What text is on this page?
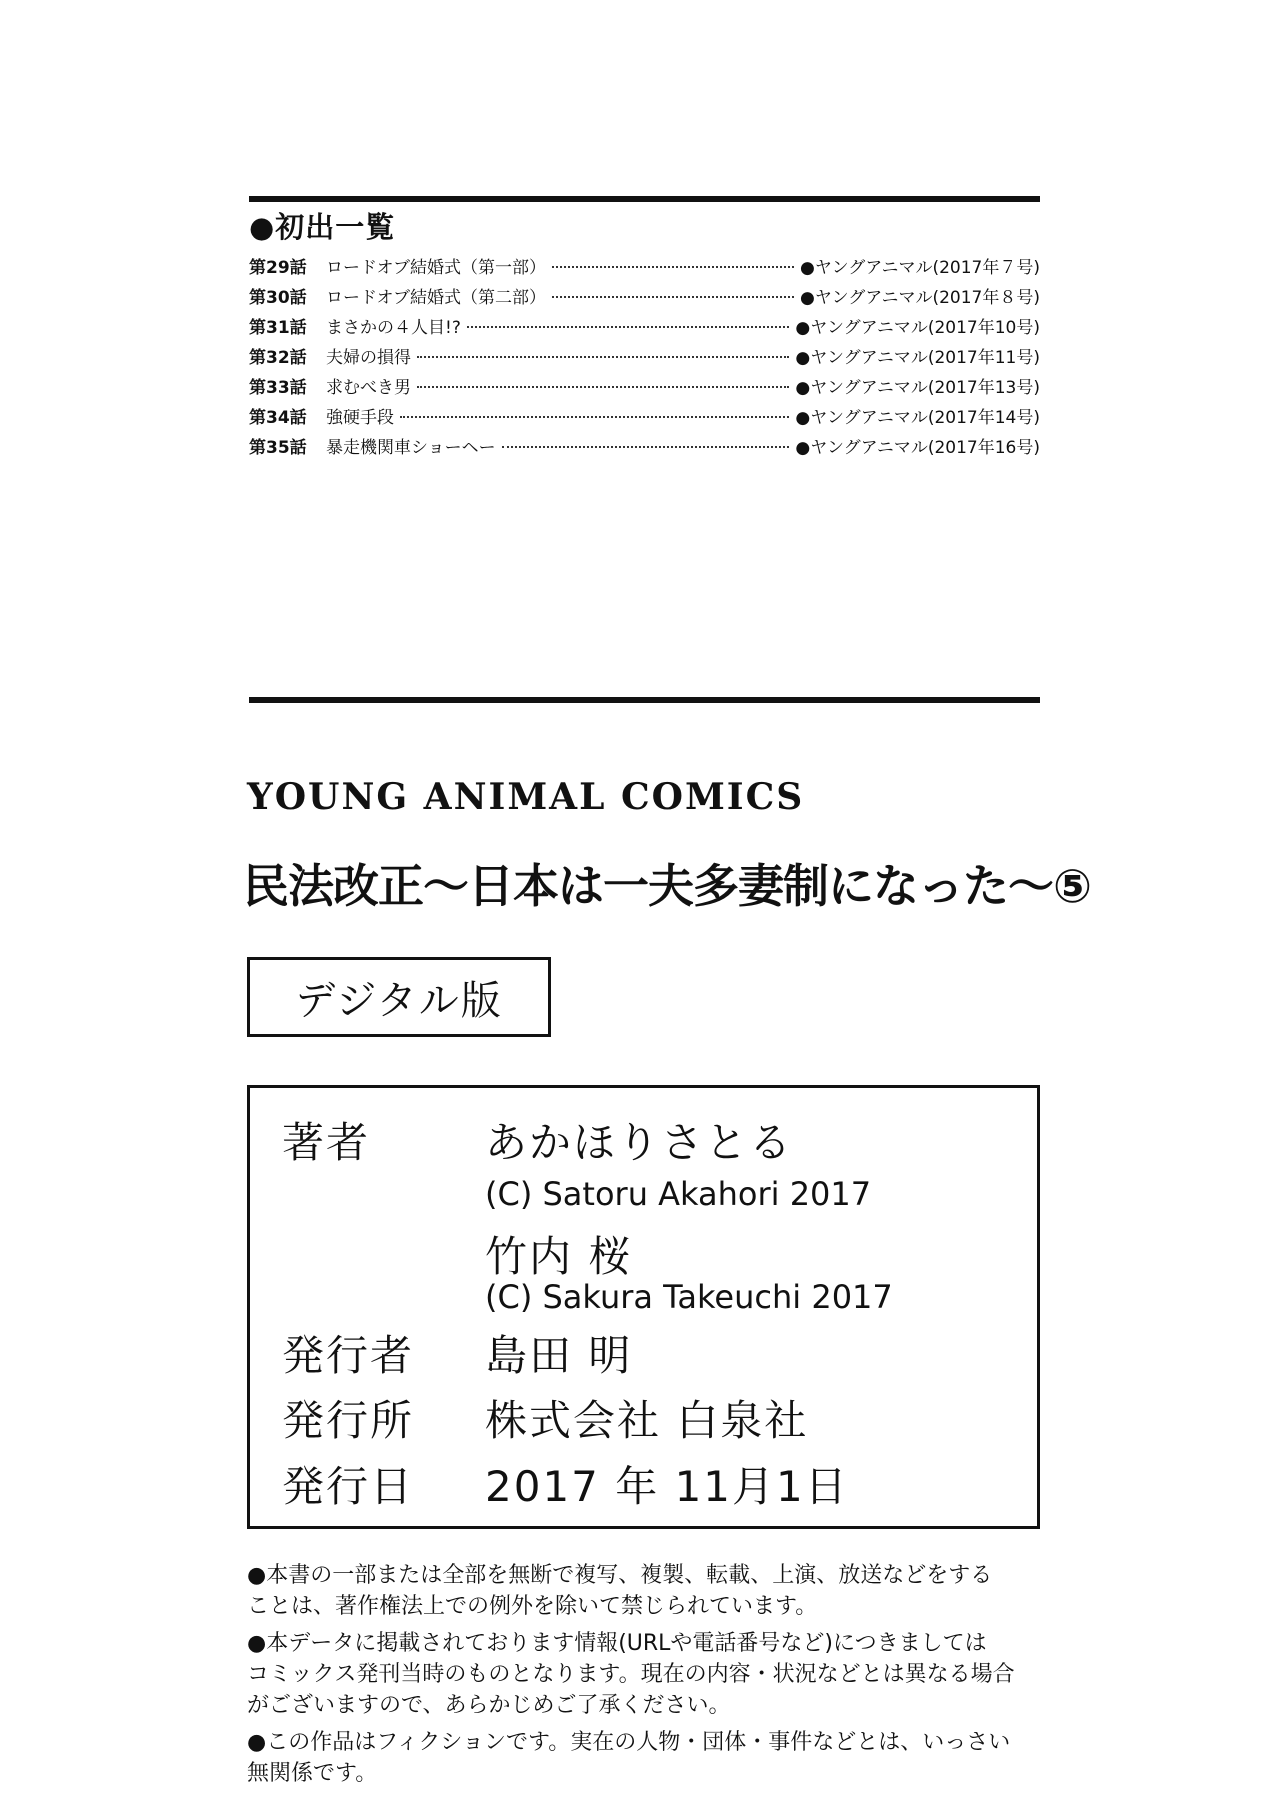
●初出一覧
第29話	ロードオブ結婚式（第一部）	●ヤングアニマル(2017年７号)
第30話	ロードオブ結婚式（第二部）	●ヤングアニマル(2017年８号)
第31話	まさかの４人目!?	●ヤングアニマル(2017年10号)
第32話	夫婦の損得	●ヤングアニマル(2017年11号)
第33話	求むべき男	●ヤングアニマル(2017年13号)
第34話	強硬手段	●ヤングアニマル(2017年14号)
第35話	暴走機関車ショーヘー	●ヤングアニマル(2017年16号)
YOUNG ANIMAL COMICS
民法改正～日本は一夫多妻制になった～⑤
デジタル版
著者	あかほりさとる
(C) Satoru Akahori 2017
竹内 桜
(C) Sakura Takeuchi 2017
発行者 島田 明
発行所 株式会社 白泉社
発行日 2017 年 11月1日

●本書の一部または全部を無断で複写、複製、転載、上演、放送などをする
ことは、著作権法上での例外を除いて禁じられています。

●本データに掲載されております情報(URLや電話番号など)につきましては
コミックス発刊当時のものとなります。現在の内容・状況などとは異なる場合
がございますので、あらかじめご了承ください。

●この作品はフィクションです。実在の人物・団体・事件などとは、いっさい
無関係です。
